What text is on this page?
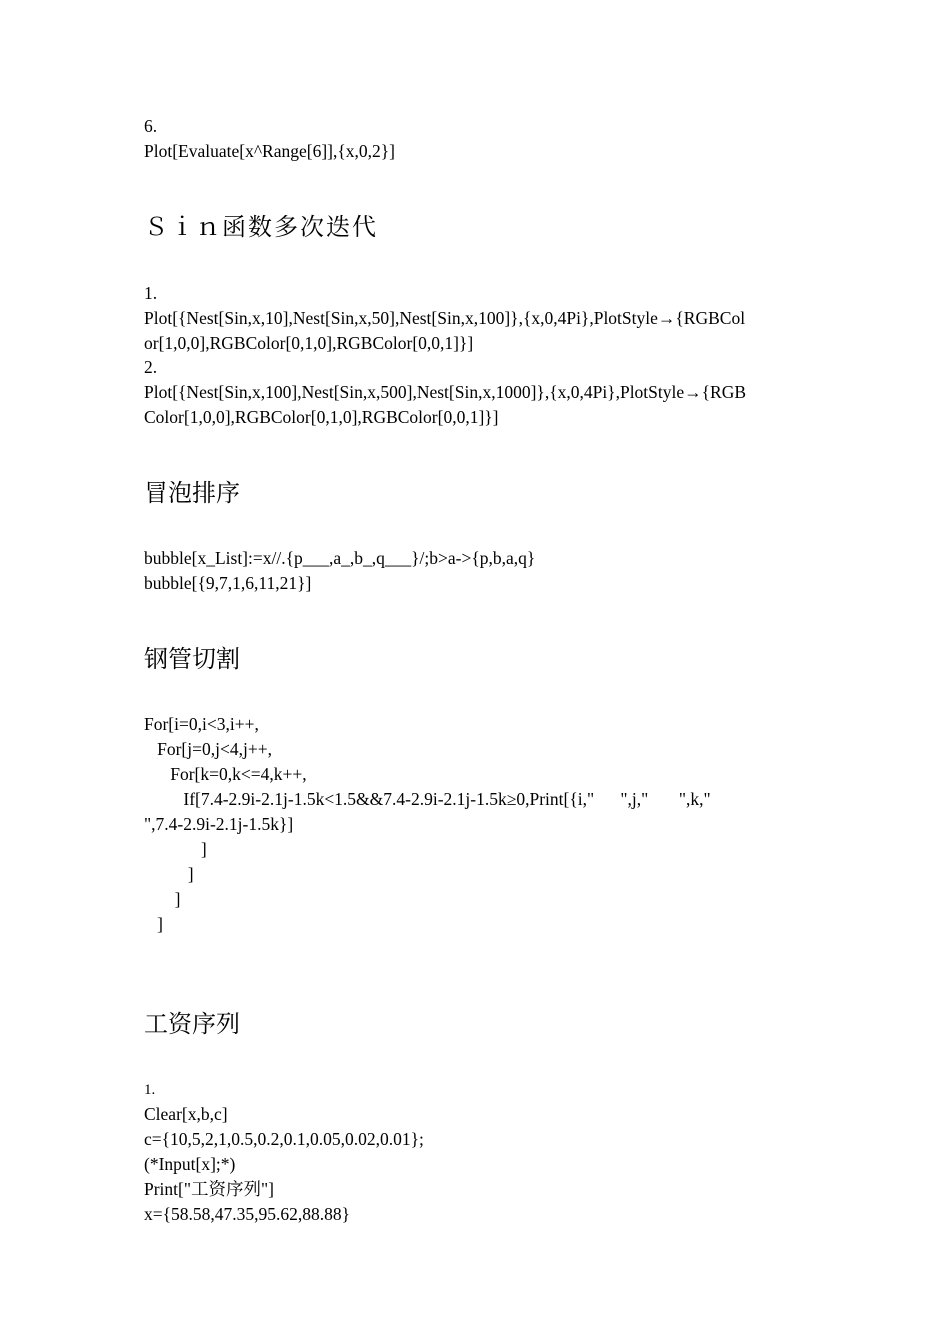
6.

Plot[Evaluate[x^Range[6]],{x,0,2}]

Ｓｉｎ函数多次迭代

1.

Plot[{Nest[Sin,x,10],Nest[Sin,x,50],Nest[Sin,x,100]},{x,0,4Pi},PlotStyle→{RGBCol

or[1,0,0],RGBColor[0,1,0],RGBColor[0,0,1]}]

2.

Plot[{Nest[Sin,x,100],Nest[Sin,x,500],Nest[Sin,x,1000]},{x,0,4Pi},PlotStyle→{RGB

Color[1,0,0],RGBColor[0,1,0],RGBColor[0,0,1]}]

冒泡排序

bubble[x_List]:=x//.{p___,a_,b_,q___}/;b>a->{p,b,a,q}

bubble[{9,7,1,6,11,21}]

钢管切割

For[i=0,i<3,i++,

For[j=0,j<4,j++,

For[k=0,k<=4,k++,

If[7.4-2.9i-2.1j-1.5k<1.5&&7.4-2.9i-2.1j-1.5k≥0,Print[{i,"      ",j,"       ",k,"

",7.4-2.9i-2.1j-1.5k}]

]

]

]

]

工资序列

1.

Clear[x,b,c]

c={10,5,2,1,0.5,0.2,0.1,0.05,0.02,0.01};

(*Input[x];*)

Print["工资序列"]

x={58.58,47.35,95.62,88.88}
